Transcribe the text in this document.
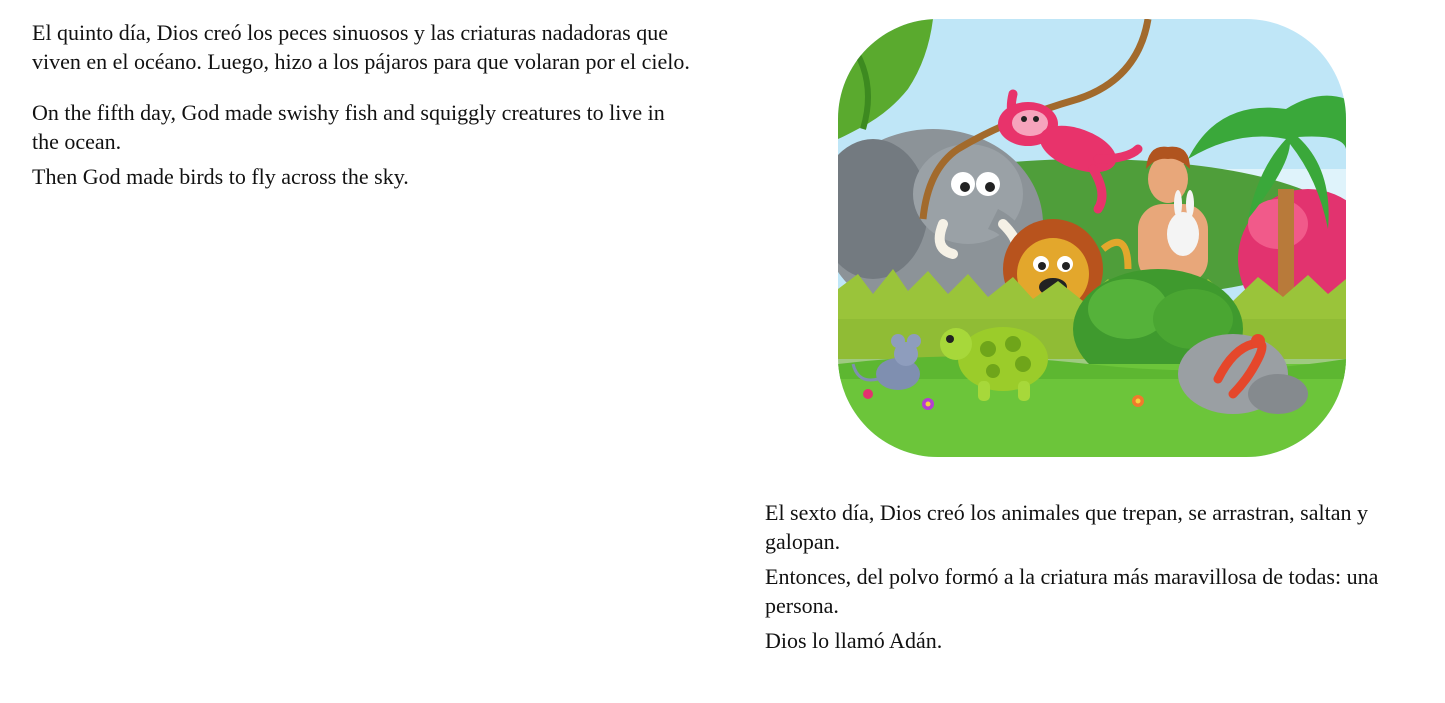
El quinto día, Dios creó los peces sinuosos y las criaturas nadadoras que viven en el océano. Luego, hizo a los pájaros para que volaran por el cielo.

On the fifth day, God made swishy fish and squiggly creatures to live in the ocean.

Then God made birds to fly across the sky.

El sexto día, Dios creó los animales que trepan, se arrastran, saltan y galopan.

Entonces, del polvo formó a la criatura más maravillosa de todas: una persona.

Dios lo llamó Adán.
